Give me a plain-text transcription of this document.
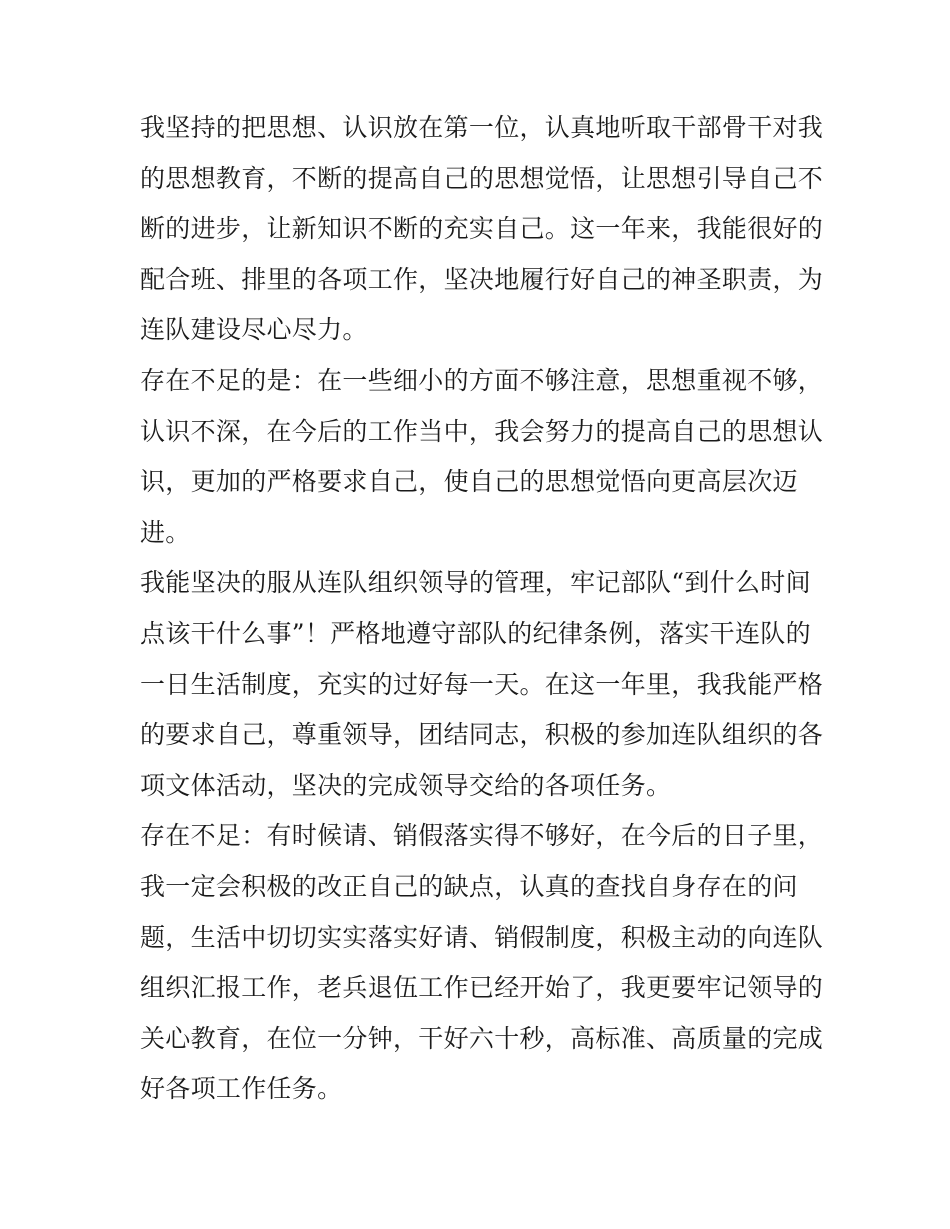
我坚持的把思想、认识放在第一位，认真地听取干部骨干对我
的思想教育，不断的提高自己的思想觉悟，让思想引导自己不
断的进步，让新知识不断的充实自己。这一年来，我能很好的
配合班、排里的各项工作，坚决地履行好自己的神圣职责，为
连队建设尽心尽力。
存在不足的是：在一些细小的方面不够注意，思想重视不够，
认识不深，在今后的工作当中，我会努力的提高自己的思想认
识，更加的严格要求自己，使自己的思想觉悟向更高层次迈
进。
我能坚决的服从连队组织领导的管理，牢记部队“到什么时间
点该干什么事”！严格地遵守部队的纪律条例，落实干连队的
一日生活制度，充实的过好每一天。在这一年里，我我能严格
的要求自己，尊重领导，团结同志，积极的参加连队组织的各
项文体活动，坚决的完成领导交给的各项任务。
存在不足：有时候请、销假落实得不够好，在今后的日子里，
我一定会积极的改正自己的缺点，认真的查找自身存在的问
题，生活中切切实实落实好请、销假制度，积极主动的向连队
组织汇报工作，老兵退伍工作已经开始了，我更要牢记领导的
关心教育，在位一分钟，干好六十秒，高标准、高质量的完成
好各项工作任务。
